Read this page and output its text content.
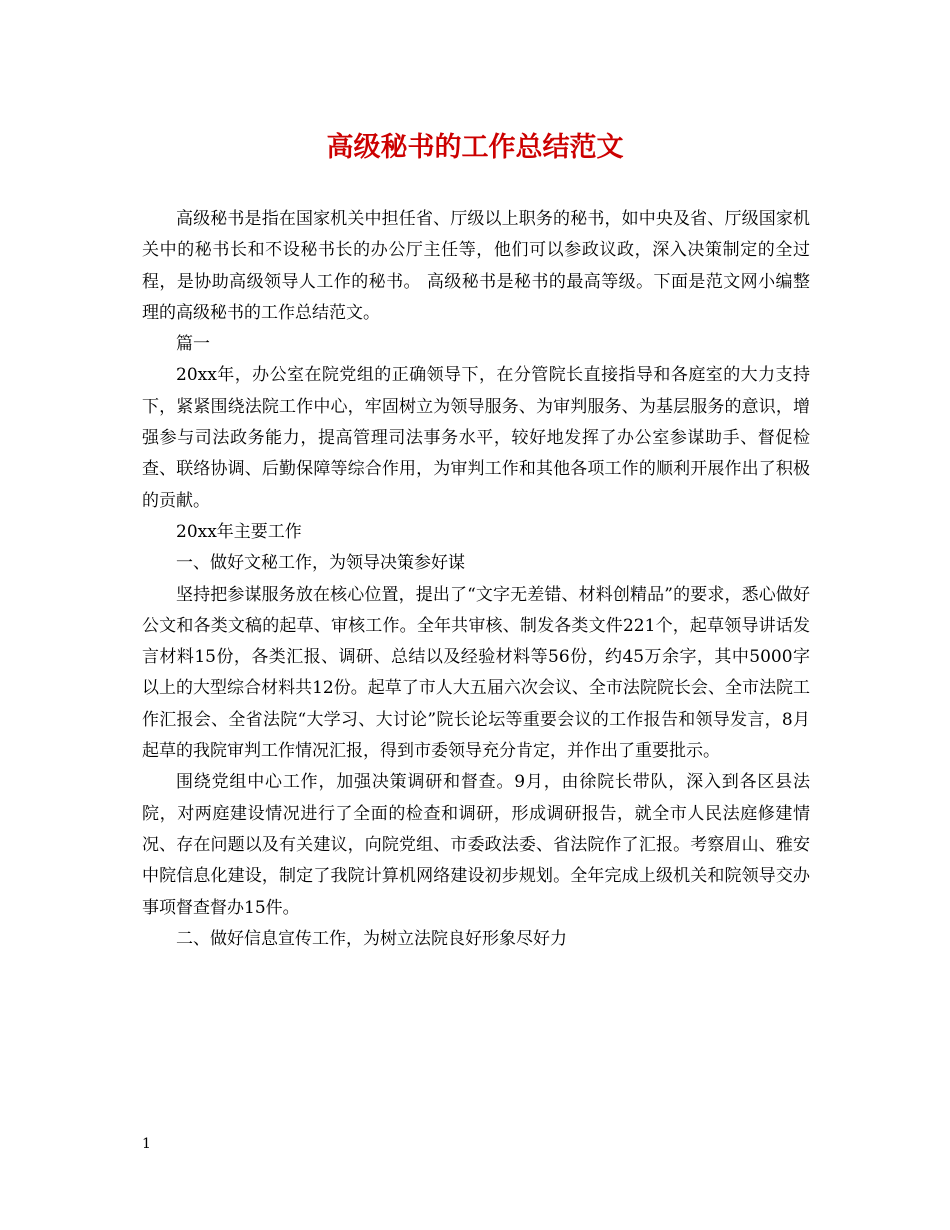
高级秘书的工作总结范文

高级秘书是指在国家机关中担任省、厅级以上职务的秘书，如中央及省、厅级国家机关中的秘书长和不设秘书长的办公厅主任等，他们可以参政议政，深入决策制定的全过程，是协助高级领导人工作的秘书。 高级秘书是秘书的最高等级。下面是范文网小编整理的高级秘书的工作总结范文。

篇一

20xx年，办公室在院党组的正确领导下，在分管院长直接指导和各庭室的大力支持下，紧紧围绕法院工作中心，牢固树立为领导服务、为审判服务、为基层服务的意识，增强参与司法政务能力，提高管理司法事务水平，较好地发挥了办公室参谋助手、督促检查、联络协调、后勤保障等综合作用，为审判工作和其他各项工作的顺利开展作出了积极的贡献。

20xx年主要工作

一、做好文秘工作，为领导决策参好谋

坚持把参谋服务放在核心位置，提出了“文字无差错、材料创精品”的要求，悉心做好公文和各类文稿的起草、审核工作。全年共审核、制发各类文件221个，起草领导讲话发言材料15份，各类汇报、调研、总结以及经验材料等56份，约45万余字，其中5000字以上的大型综合材料共12份。起草了市人大五届六次会议、全市法院院长会、全市法院工作汇报会、全省法院“大学习、大讨论”院长论坛等重要会议的工作报告和领导发言，8月起草的我院审判工作情况汇报，得到市委领导充分肯定，并作出了重要批示。

围绕党组中心工作，加强决策调研和督查。9月，由徐院长带队，深入到各区县法院，对两庭建设情况进行了全面的检查和调研，形成调研报告，就全市人民法庭修建情况、存在问题以及有关建议，向院党组、市委政法委、省法院作了汇报。考察眉山、雅安中院信息化建设，制定了我院计算机网络建设初步规划。全年完成上级机关和院领导交办事项督查督办15件。

二、做好信息宣传工作，为树立法院良好形象尽好力

1
